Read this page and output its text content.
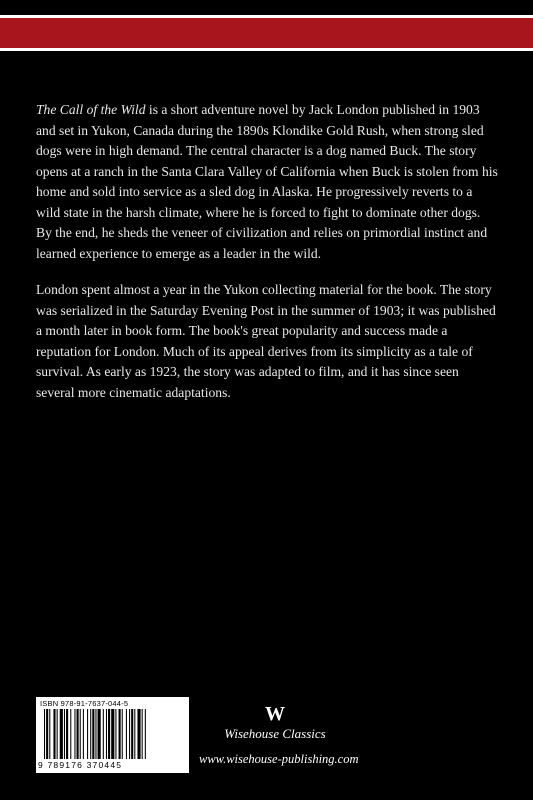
The Call of the Wild is a short adventure novel by Jack London published in 1903 and set in Yukon, Canada during the 1890s Klondike Gold Rush, when strong sled dogs were in high demand. The central character is a dog named Buck. The story opens at a ranch in the Santa Clara Valley of California when Buck is stolen from his home and sold into service as a sled dog in Alaska. He progressively reverts to a wild state in the harsh climate, where he is forced to fight to dominate other dogs. By the end, he sheds the veneer of civilization and relies on primordial instinct and learned experience to emerge as a leader in the wild.

London spent almost a year in the Yukon collecting material for the book. The story was serialized in the Saturday Evening Post in the summer of 1903; it was published a month later in book form. The book's great popularity and success made a reputation for London. Much of its appeal derives from its simplicity as a tale of survival. As early as 1923, the story was adapted to film, and it has since seen several more cinematic adaptations.

ISBN 978-91-7637-044-5
9 789176 370445
W
Wisehouse Classics
www.wisehouse-publishing.com
